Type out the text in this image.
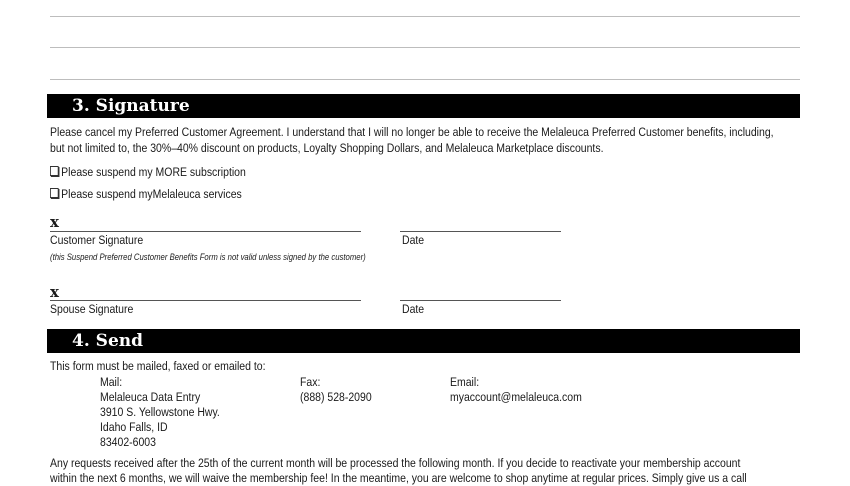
3. Signature
Please cancel my Preferred Customer Agreement. I understand that I will no longer be able to receive the Melaleuca Preferred Customer benefits, including,
but not limited to, the 30%–40% discount on products, Loyalty Shopping Dollars, and Melaleuca Marketplace discounts.
Please suspend my MORE subscription
Please suspend myMelaleuca services
x
Customer Signature	Date
(this Suspend Preferred Customer Benefits Form is not valid unless signed by the customer)
x
Spouse Signature	Date
4. Send
This form must be mailed, faxed or emailed to:
Mail:
Melaleuca Data Entry
3910 S. Yellowstone Hwy.
Idaho Falls, ID
83402-6003
Fax:
(888) 528-2090
Email:
myaccount@melaleuca.com
Any requests received after the 25th of the current month will be processed the following month. If you decide to reactivate your membership account
within the next 6 months, we will waive the membership fee! In the meantime, you are welcome to shop anytime at regular prices. Simply give us a call
